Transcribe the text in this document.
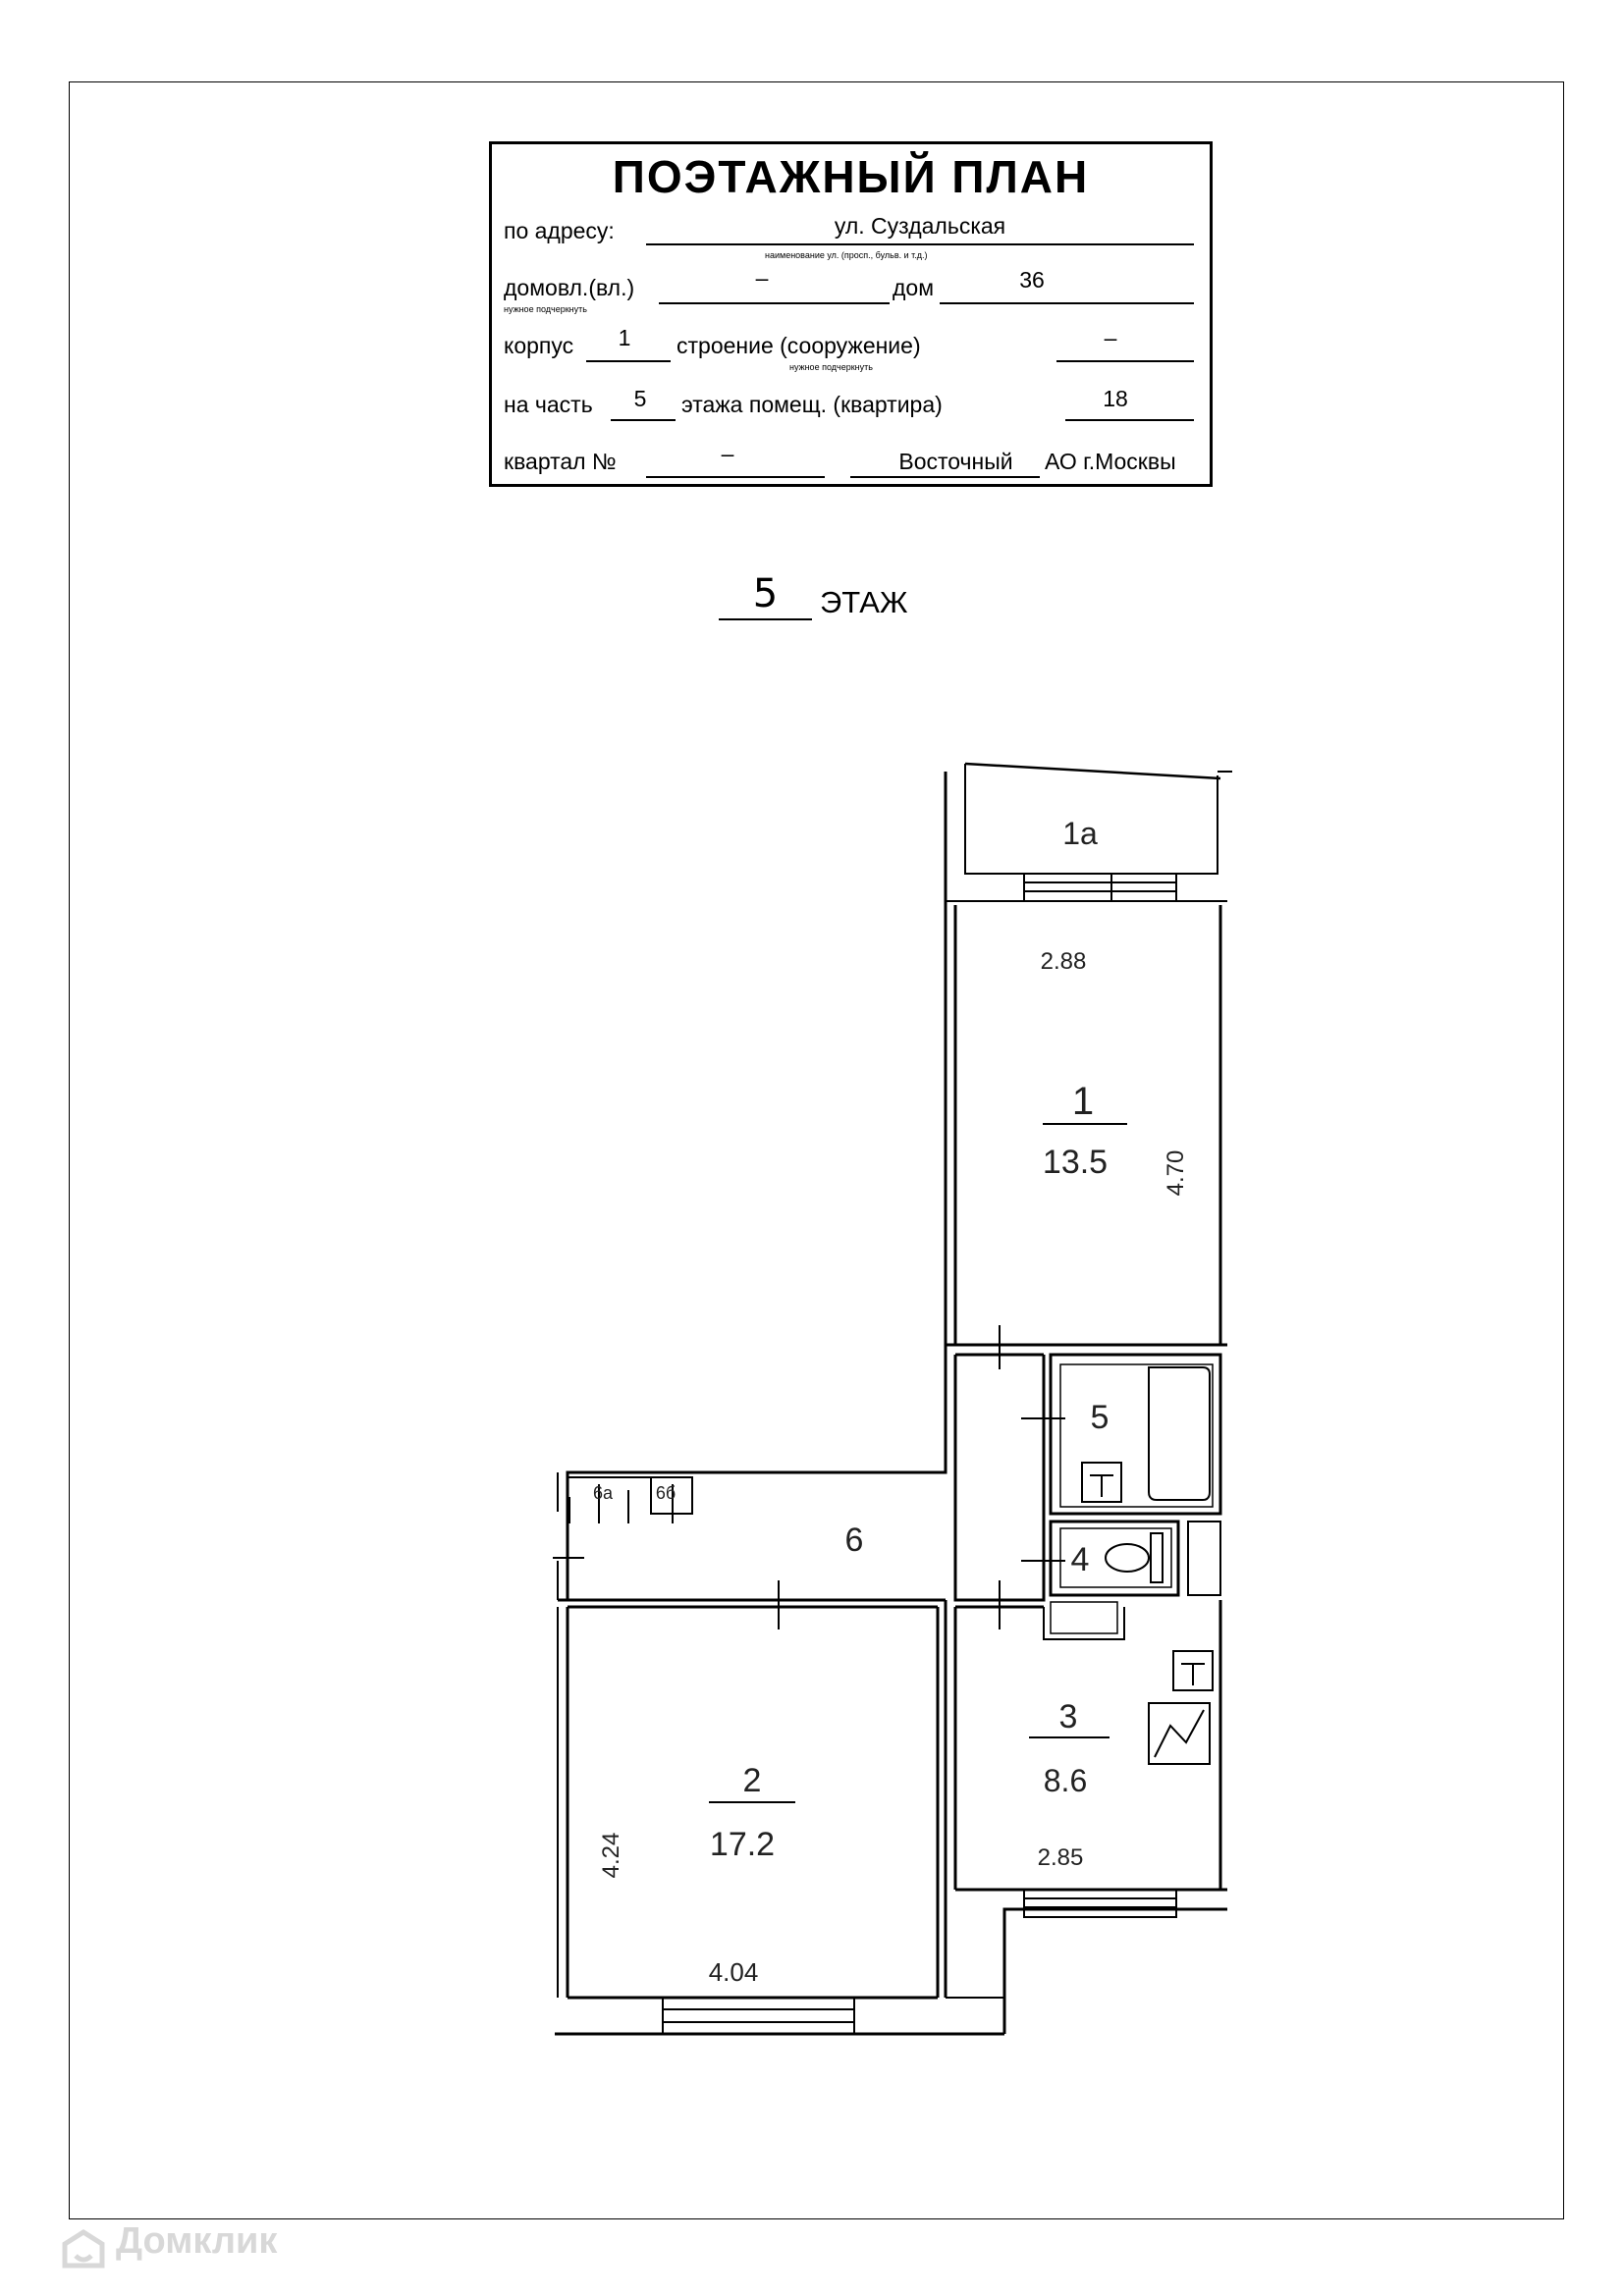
ПОЭТАЖНЫЙ ПЛАН
по адресу:	ул. Суздальская
наименование ул. (просп., бульв. и т.д.)
домовл.(вл.)
нужное подчеркнуть
–	дом	36
корпус	1	строение (сооружение)
нужное подчеркнуть
–
на часть	5	этажа помещ. (квартира)	18
квартал №	–	Восточный	АО г.Москвы
5	ЭТАЖ
1а
2.88
1
13.5 4.70
5
4
6
6а 6б
3
8.6
2.85
2
17.2
4.24
4.04
Домклик
